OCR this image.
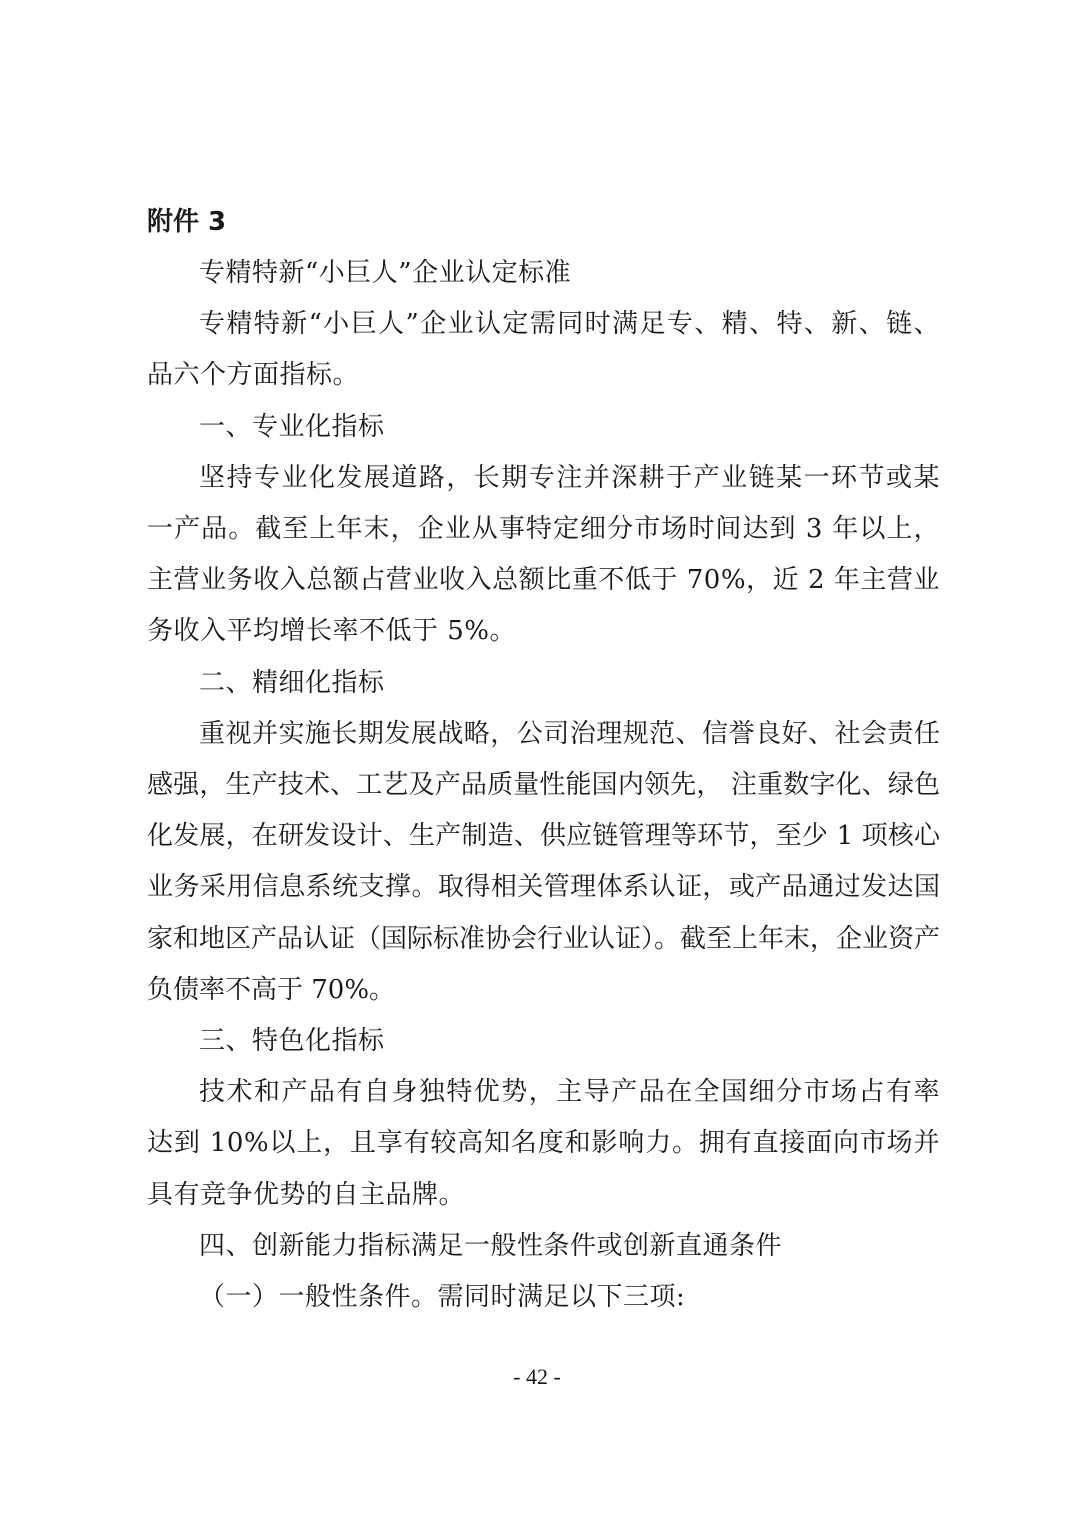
附件 3

专精特新“小巨人”企业认定标准

专精特新“小巨人”企业认定需同时满足专、精、特、新、链、品六个方面指标。

一、专业化指标

坚持专业化发展道路，长期专注并深耕于产业链某一环节或某一产品。截至上年末，企业从事特定细分市场时间达到 3 年以上，主营业务收入总额占营业收入总额比重不低于 70%，近 2 年主营业务收入平均增长率不低于 5%。

二、精细化指标

重视并实施长期发展战略，公司治理规范、信誉良好、社会责任感强，生产技术、工艺及产品质量性能国内领先， 注重数字化、绿色化发展，在研发设计、生产制造、供应链管理等环节，至少 1 项核心业务采用信息系统支撑。取得相关管理体系认证，或产品通过发达国家和地区产品认证（国际标准协会行业认证）。截至上年末，企业资产负债率不高于 70%。

三、特色化指标

技术和产品有自身独特优势，主导产品在全国细分市场占有率达到 10%以上，且享有较高知名度和影响力。拥有直接面向市场并具有竞争优势的自主品牌。

四、创新能力指标满足一般性条件或创新直通条件

（一）一般性条件。需同时满足以下三项:

- 42 -
